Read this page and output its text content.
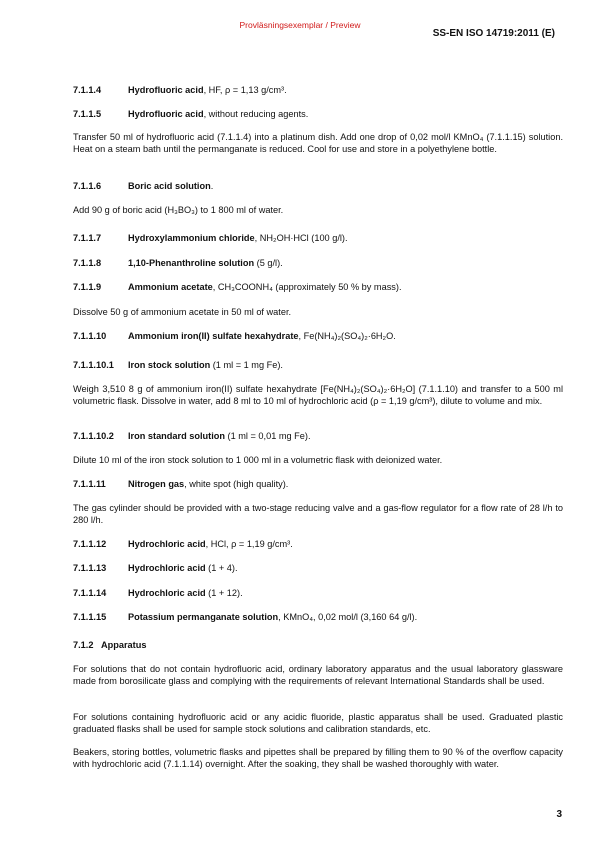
Provläsningsexemplar / Preview
SS-EN ISO 14719:2011 (E)
7.1.1.4	Hydrofluoric acid, HF, ρ = 1,13 g/cm³.
7.1.1.5	Hydrofluoric acid, without reducing agents.
Transfer 50 ml of hydrofluoric acid (7.1.1.4) into a platinum dish. Add one drop of 0,02 mol/l KMnO₄ (7.1.1.15) solution. Heat on a steam bath until the permanganate is reduced. Cool for use and store in a polyethylene bottle.
7.1.1.6	Boric acid solution.
Add 90 g of boric acid (H₃BO₃) to 1 800 ml of water.
7.1.1.7	Hydroxylammonium chloride, NH₂OH·HCl (100 g/l).
7.1.1.8	1,10-Phenanthroline solution (5 g/l).
7.1.1.9	Ammonium acetate, CH₃COONH₄ (approximately 50 % by mass).
Dissolve 50 g of ammonium acetate in 50 ml of water.
7.1.1.10 Ammonium iron(II) sulfate hexahydrate, Fe(NH₄)₂(SO₄)₂·6H₂O.
7.1.1.10.1 Iron stock solution (1 ml = 1 mg Fe).
Weigh 3,510 8 g of ammonium iron(II) sulfate hexahydrate [Fe(NH₄)₂(SO₄)₂·6H₂O] (7.1.1.10) and transfer to a 500 ml volumetric flask. Dissolve in water, add 8 ml to 10 ml of hydrochloric acid (ρ = 1,19 g/cm³), dilute to volume and mix.
7.1.1.10.2 Iron standard solution (1 ml = 0,01 mg Fe).
Dilute 10 ml of the iron stock solution to 1 000 ml in a volumetric flask with deionized water.
7.1.1.11 Nitrogen gas, white spot (high quality).
The gas cylinder should be provided with a two-stage reducing valve and a gas-flow regulator for a flow rate of 28 l/h to 280 l/h.
7.1.1.12 Hydrochloric acid, HCl, ρ = 1,19 g/cm³.
7.1.1.13 Hydrochloric acid (1 + 4).
7.1.1.14 Hydrochloric acid (1 + 12).
7.1.1.15 Potassium permanganate solution, KMnO₄, 0,02 mol/l (3,160 64 g/l).
7.1.2 Apparatus
For solutions that do not contain hydrofluoric acid, ordinary laboratory apparatus and the usual laboratory glassware made from borosilicate glass and complying with the requirements of relevant International Standards shall be used.
For solutions containing hydrofluoric acid or any acidic fluoride, plastic apparatus shall be used. Graduated plastic graduated flasks shall be used for sample stock solutions and calibration standards, etc.
Beakers, storing bottles, volumetric flasks and pipettes shall be prepared by filling them to 90 % of the overflow capacity with hydrochloric acid (7.1.1.14) overnight. After the soaking, they shall be washed thoroughly with water.
3
